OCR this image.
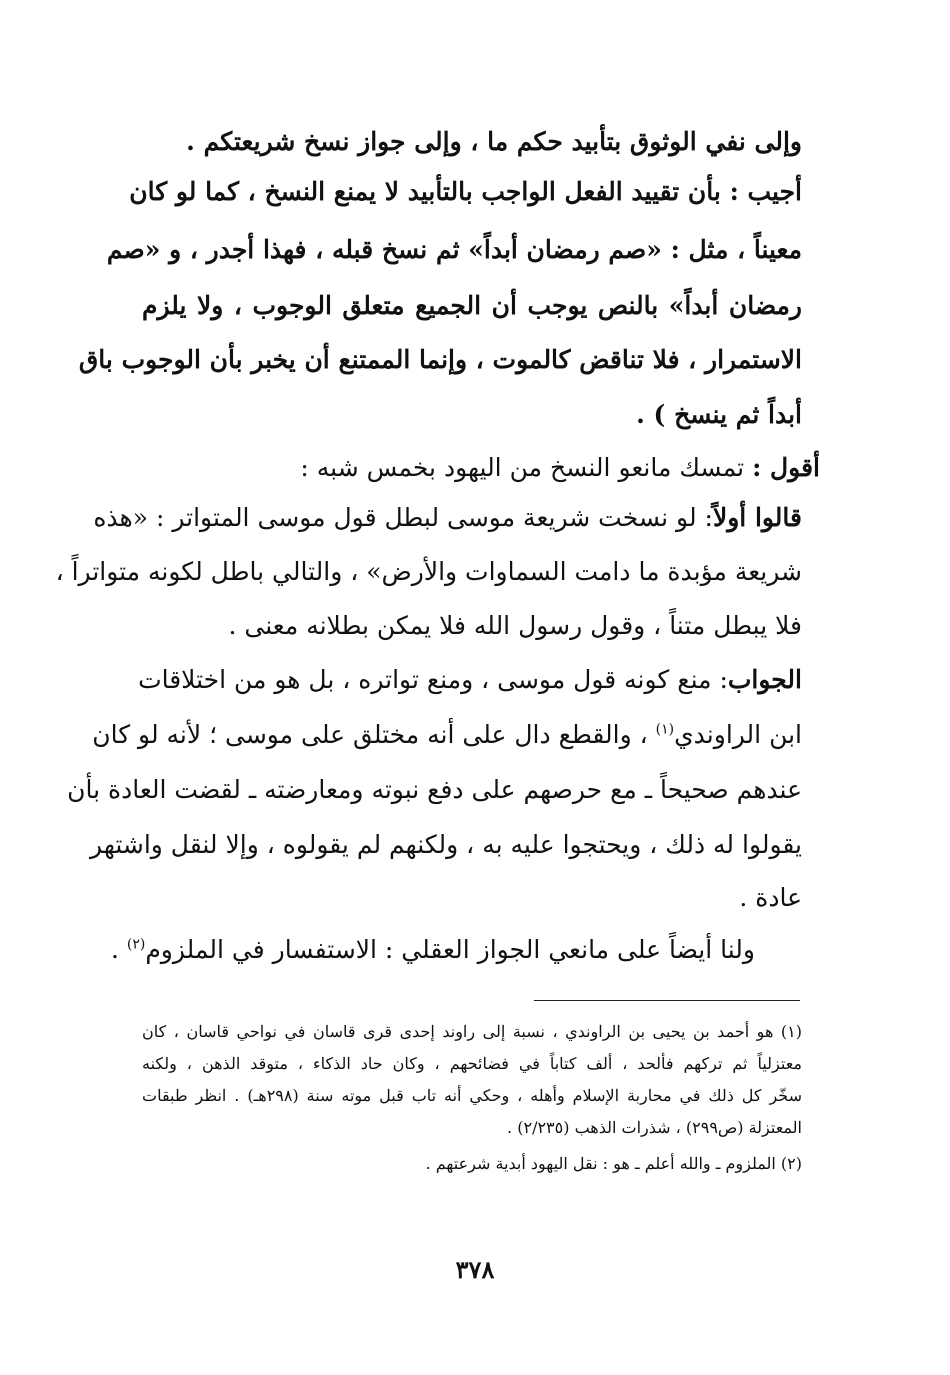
وإلى نفي الوثوق بتأبيد حكم ما ، وإلى جواز نسخ شريعتكم .
أجيب : بأن تقييد الفعل الواجب بالتأبيد لا يمنع النسخ ، كما لو كان
معيناً ، مثل : «صم رمضان أبداً» ثم نسخ قبله ، فهذا أجدر ، و «صم
رمضان أبداً» بالنص يوجب أن الجميع متعلق الوجوب ، ولا يلزم
الاستمرار ، فلا تناقض كالموت ، وإنما الممتنع أن يخبر بأن الوجوب باق
أبداً ثم ينسخ ) .
أقول : تمسك مانعو النسخ من اليهود بخمس شبه :
قالوا أولاً: لو نسخت شريعة موسى لبطل قول موسى المتواتر : «هذه
شريعة مؤبدة ما دامت السماوات والأرض» ، والتالي باطل لكونه متواتراً ،
فلا يبطل متناً ، وقول رسول الله فلا يمكن بطلانه معنى .
الجواب: منع كونه قول موسى ، ومنع تواتره ، بل هو من اختلاقات
ابن الراوندي$^{(١)}$ ، والقطع دال على أنه مختلق على موسى ؛ لأنه لو كان
عندهم صحيحاً ـ مع حرصهم على دفع نبوته ومعارضته ـ لقضت العادة بأن
يقولوا له ذلك ، ويحتجوا عليه به ، ولكنهم لم يقولوه ، وإلا لنقل واشتهر
عادة .
ولنا أيضاً على مانعي الجواز العقلي : الاستفسار في الملزوم$^{(٢)}$ .
(١) هو أحمد بن يحيى بن الراوندي ، نسبة إلى راوند إحدى قرى قاسان في نواحي قاسان ، كان
معتزلياً ثم تركهم فألحد ، ألف كتاباً في فضائحهم ، وكان حاد الذكاء ، متوقد الذهن ، ولكنه
سخّر كل ذلك في محاربة الإسلام وأهله ، وحكي أنه تاب قبل موته سنة (٢٩٨هـ) . انظر طبقات
المعتزلة (ص٢٩٩) ، شذرات الذهب (٢/٢٣٥) .
(٢) الملزوم ـ والله أعلم ـ هو : نقل اليهود أبدية شرعتهم .
٣٧٨
